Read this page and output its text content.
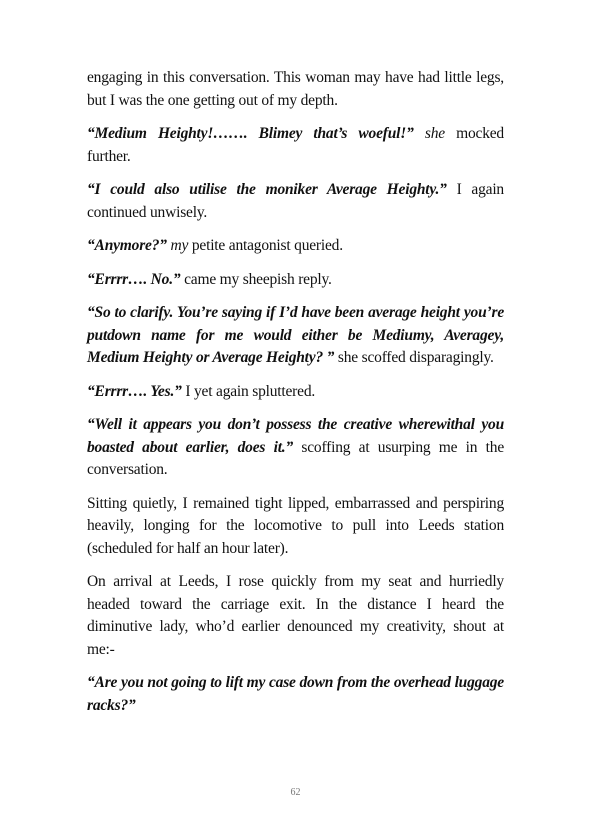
engaging in this conversation. This woman may have had little legs, but I was the one getting out of my depth.

“Medium Heighty!……. Blimey that’s woeful!” she mocked further.

“I could also utilise the moniker Average Heighty.” I again continued unwisely.

“Anymore?” my petite antagonist queried.

“Errrr…. No.” came my sheepish reply.

“So to clarify. You’re saying if I’d have been average height you’re putdown name for me would either be Mediumy, Averagey, Medium Heighty or Average Heighty? ” she scoffed disparagingly.

“Errrr…. Yes.” I yet again spluttered.

“Well it appears you don’t possess the creative wherewithal you boasted about earlier, does it.” scoffing at usurping me in the conversation.

Sitting quietly, I remained tight lipped, embarrassed and perspiring heavily, longing for the locomotive to pull into Leeds station (scheduled for half an hour later).

On arrival at Leeds, I rose quickly from my seat and hurriedly headed toward the carriage exit. In the distance I heard the diminutive lady, who’d earlier denounced my creativity, shout at me:-

“Are you not going to lift my case down from the overhead luggage racks?”

62
